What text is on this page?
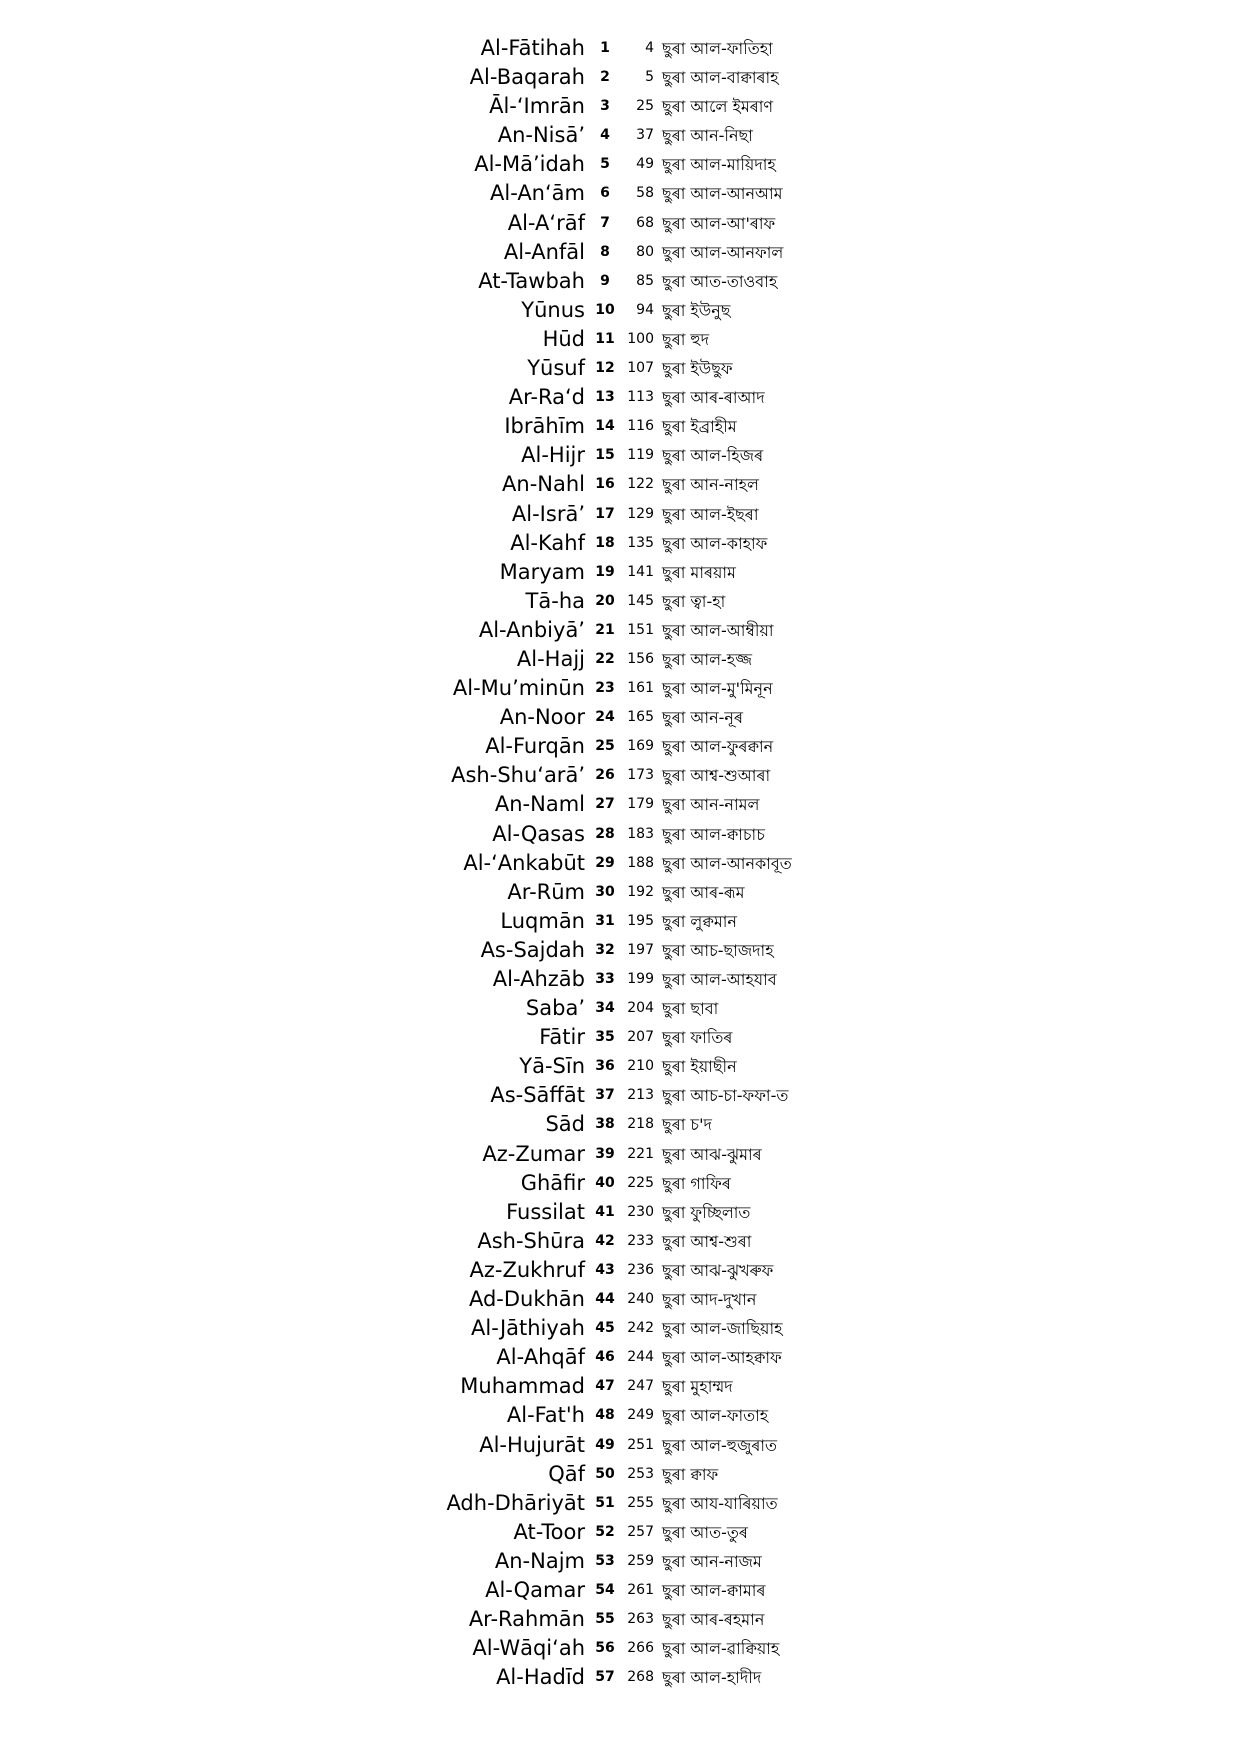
Al-Fātihah	1	4 ছুৰা আল-ফাতিহা
Al-Baqarah	2	5 ছুৰা আল-বাক্বাৰাহ
Āl-‘Imrān	3	25 ছুৰা আলে ইমৰাণ
An-Nisā’	4	37 ছুৰা আন-নিছা
Al-Mā’idah	5	49 ছুৰা আল-মায়িদাহ
Al-An‘ām	6	58 ছুৰা আল-আনআম
Al-A‘rāf	7	68 ছুৰা আল-আ'ৰাফ
Al-Anfāl	8	80 ছুৰা আল-আনফাল
At-Tawbah	9	85 ছুৰা আত-তাওবাহ
Yūnus 10	94 ছুৰা ইউনুছ
Hūd 11 100 ছুৰা হুদ
Yūsuf 12 107 ছুৰা ইউছুফ
Ar-Ra‘d 13 113 ছুৰা আৰ-ৰাআদ
Ibrāhīm 14 116 ছুৰা ইব্ৰাহীম
Al-Hijr 15 119 ছুৰা আল-হিজৰ
An-Nahl 16 122 ছুৰা আন-নাহল
Al-Isrā’ 17 129 ছুৰা আল-ইছৰা
Al-Kahf 18 135 ছুৰা আল-কাহাফ
Maryam 19 141 ছুৰা মাৰয়াম
Tā-ha 20 145 ছুৰা ত্বা-হা
Al-Anbiyā’ 21 151 ছুৰা আল-আম্বীয়া
Al-Hajj 22 156 ছুৰা আল-হজ্জ
Al-Mu’minūn 23 161 ছুৰা আল-মু'মিনূন
An-Noor 24 165 ছুৰা আন-নূৰ
Al-Furqān 25 169 ছুৰা আল-ফুৰক্বান
Ash-Shu‘arā’ 26 173 ছুৰা আশ্ব-শুআৰা
An-Naml 27 179 ছুৰা আন-নামল
Al-Qasas 28 183 ছুৰা আল-ক্বাচাচ
Al-‘Ankabūt 29 188 ছুৰা আল-আনকাবূত
Ar-Rūm 30 192 ছুৰা আৰ-ৰূম
Luqmān 31 195 ছুৰা লুক্বমান
As-Sajdah 32 197 ছুৰা আচ-ছাজদাহ
Al-Ahzāb 33 199 ছুৰা আল-আহযাব
Saba’ 34 204 ছুৰা ছাবা
Fātir 35 207 ছুৰা ফাতিৰ
Yā-Sīn 36 210 ছুৰা ইয়াছীন
As-Sāffāt 37 213 ছুৰা আচ-চা-ফফা-ত
Sād 38 218 ছুৰা চ'দ
Az-Zumar 39 221 ছুৰা আঝ-ঝুমাৰ
Ghāfir 40 225 ছুৰা গাফিৰ
Fussilat 41 230 ছুৰা ফুচ্ছিলাত
Ash-Shūra 42 233 ছুৰা আশ্ব-শুৰা
Az-Zukhruf 43 236 ছুৰা আঝ-ঝুখৰুফ
Ad-Dukhān 44 240 ছুৰা আদ-দুখান
Al-Jāthiyah 45 242 ছুৰা আল-জাছিয়াহ
Al-Ahqāf 46 244 ছুৰা আল-আহক্বাফ
Muhammad 47 247 ছুৰা মুহাম্মদ
Al-Fat'h 48 249 ছুৰা আল-ফাতাহ
Al-Hujurāt 49 251 ছুৰা আল-হুজুৰাত
Qāf 50 253 ছুৰা ক্বাফ
Adh-Dhāriyāt 51 255 ছুৰা আয-যাৰিয়াত
At-Toor 52 257 ছুৰা আত-তুৰ
An-Najm 53 259 ছুৰা আন-নাজম
Al-Qamar 54 261 ছুৰা আল-ক্বামাৰ
Ar-Rahmān 55 263 ছুৰা আৰ-ৰহমান
Al-Wāqi‘ah 56 266 ছুৰা আল-ৱাক্বিয়াহ
Al-Hadīd 57 268 ছুৰা আল-হাদীদ
